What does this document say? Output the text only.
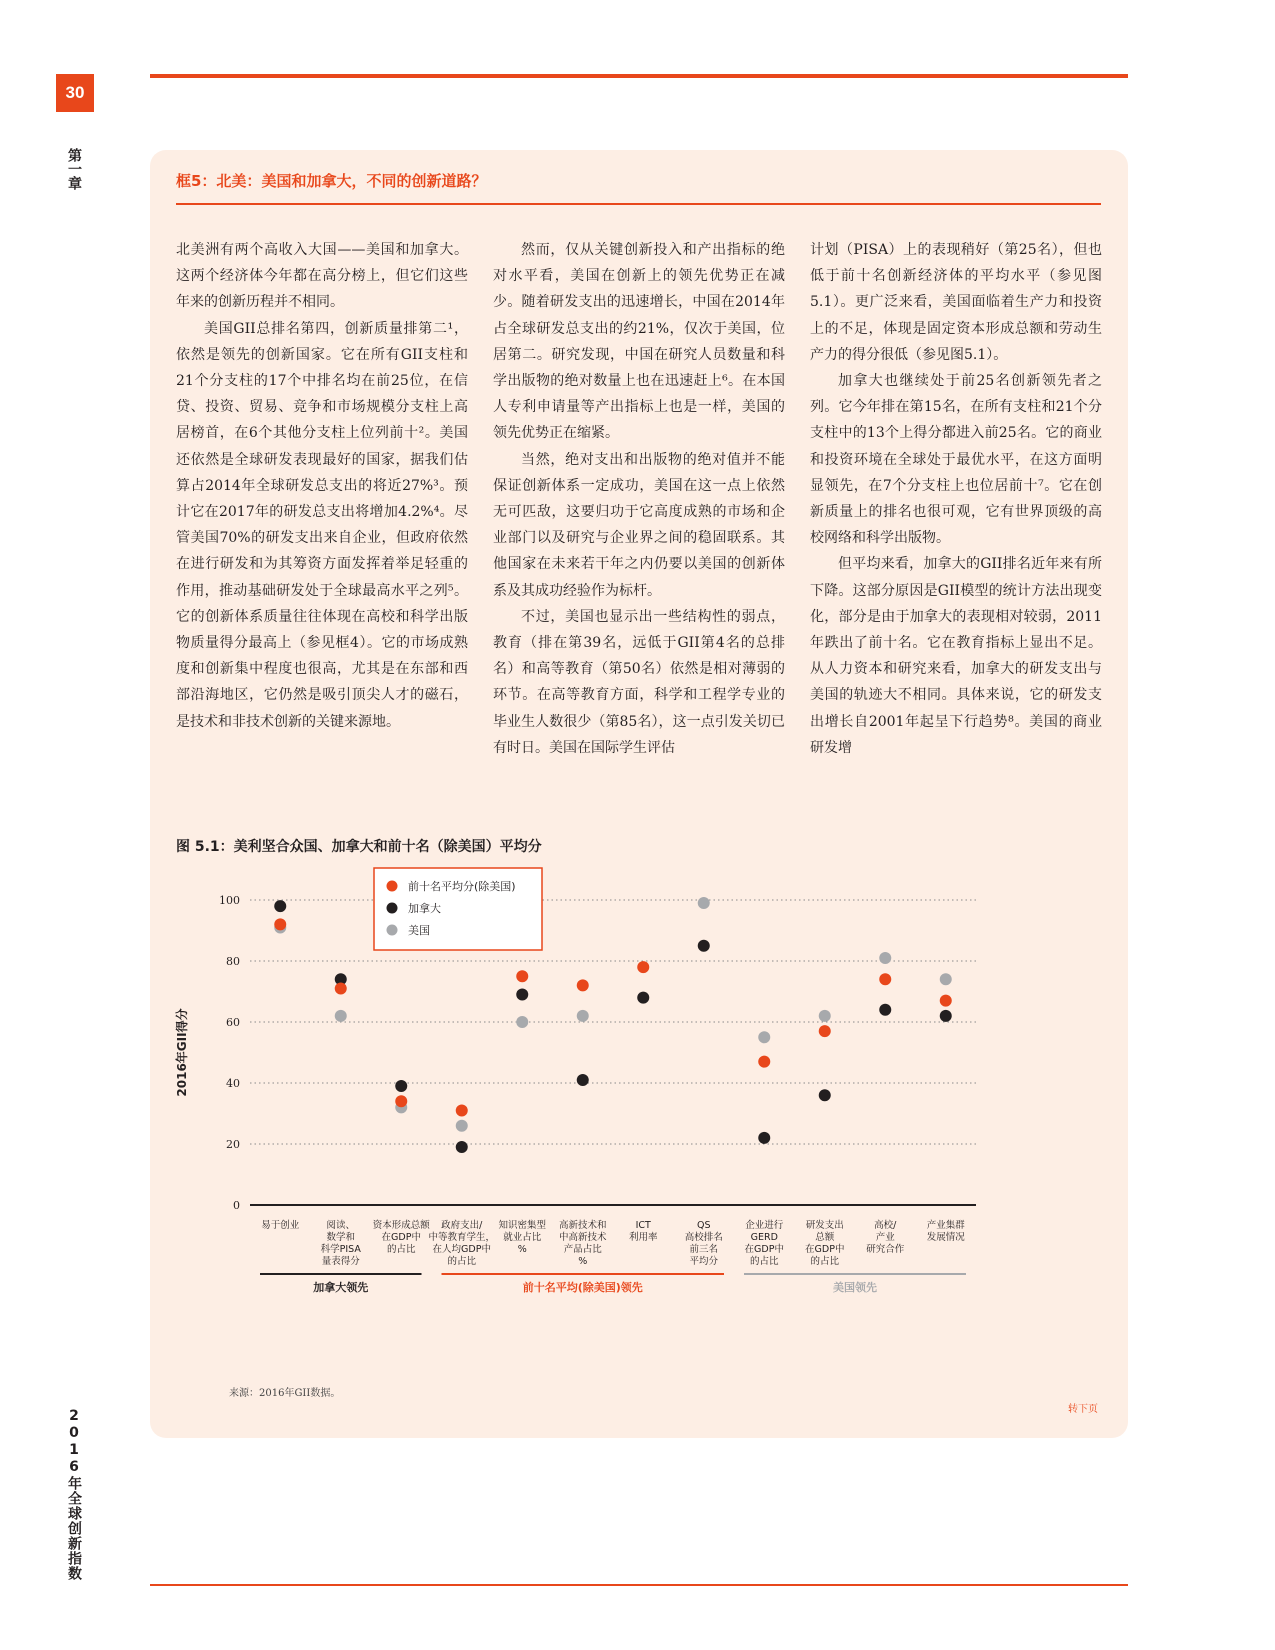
30
第一章
2016年全球创新指数
框5：北美：美国和加拿大，不同的创新道路？

北美洲有两个高收入大国——美国和加拿大。这两个经济体今年都在高分榜上，但它们这些年来的创新历程并不相同。

美国GII总排名第四，创新质量排第二¹，依然是领先的创新国家。它在所有GII支柱和21个分支柱的17个中排名均在前25位，在信贷、投资、贸易、竞争和市场规模分支柱上高居榜首，在6个其他分支柱上位列前十²。美国还依然是全球研发表现最好的国家，据我们估算占2014年全球研发总支出的将近27%³。预计它在2017年的研发总支出将增加4.2%⁴。尽管美国70%的研发支出来自企业，但政府依然在进行研发和为其筹资方面发挥着举足轻重的作用，推动基础研发处于全球最高水平之列⁵。它的创新体系质量往往体现在高校和科学出版物质量得分最高上（参见框4）。它的市场成熟度和创新集中程度也很高，尤其是在东部和西部沿海地区，它仍然是吸引顶尖人才的磁石，是技术和非技术创新的关键来源地。

然而，仅从关键创新投入和产出指标的绝对水平看，美国在创新上的领先优势正在减少。随着研发支出的迅速增长，中国在2014年占全球研发总支出的约21%，仅次于美国，位居第二。研究发现，中国在研究人员数量和科学出版物的绝对数量上也在迅速赶上⁶。在本国人专利申请量等产出指标上也是一样，美国的领先优势正在缩紧。

当然，绝对支出和出版物的绝对值并不能保证创新体系一定成功，美国在这一点上依然无可匹敌，这要归功于它高度成熟的市场和企业部门以及研究与企业界之间的稳固联系。其他国家在未来若干年之内仍要以美国的创新体系及其成功经验作为标杆。

不过，美国也显示出一些结构性的弱点，教育（排在第39名，远低于GII第4名的总排名）和高等教育（第50名）依然是相对薄弱的环节。在高等教育方面，科学和工程学专业的毕业生人数很少（第85名），这一点引发关切已有时日。美国在国际学生评估

计划（PISA）上的表现稍好（第25名），但也低于前十名创新经济体的平均水平（参见图5.1）。更广泛来看，美国面临着生产力和投资上的不足，体现是固定资本形成总额和劳动生产力的得分很低（参见图5.1）。

加拿大也继续处于前25名创新领先者之列。它今年排在第15名，在所有支柱和21个分支柱中的13个上得分都进入前25名。它的商业和投资环境在全球处于最优水平，在这方面明显领先，在7个分支柱上也位居前十⁷。它在创新质量上的排名也很可观，它有世界顶级的高校网络和科学出版物。

但平均来看，加拿大的GII排名近年来有所下降。这部分原因是GII模型的统计方法出现变化，部分是由于加拿大的表现相对较弱，2011年跌出了前十名。它在教育指标上显出不足。从人力资本和研究来看，加拿大的研发支出与美国的轨迹大不相同。具体来说，它的研发支出增长自2001年起呈下行趋势⁸。美国的商业研发增

图 5.1：美利坚合众国、加拿大和前十名（除美国）平均分
0
20
40
60
80
100
2016年GII得分
易于创业	阅读、数学和科学PISA 量表得分
资本形成总额在GDP中的占比
政府支出/中等教育学生，在人均GDP中的占比
知识密集型就业占比%
高新技术和中高新技术产品占比%
ICT 利用率
QS 高校排名前三名平均分
企业进行 GERD 在GDP中的占比
研发支出总额在GDP中的占比
高校/产业研究合作
产业集群发展情况
加拿大领先	前十名平均(除美国)领先	美国领先
前十名平均分(除美国)
加拿大
美国
来源：2016年GII数据。
转下页
